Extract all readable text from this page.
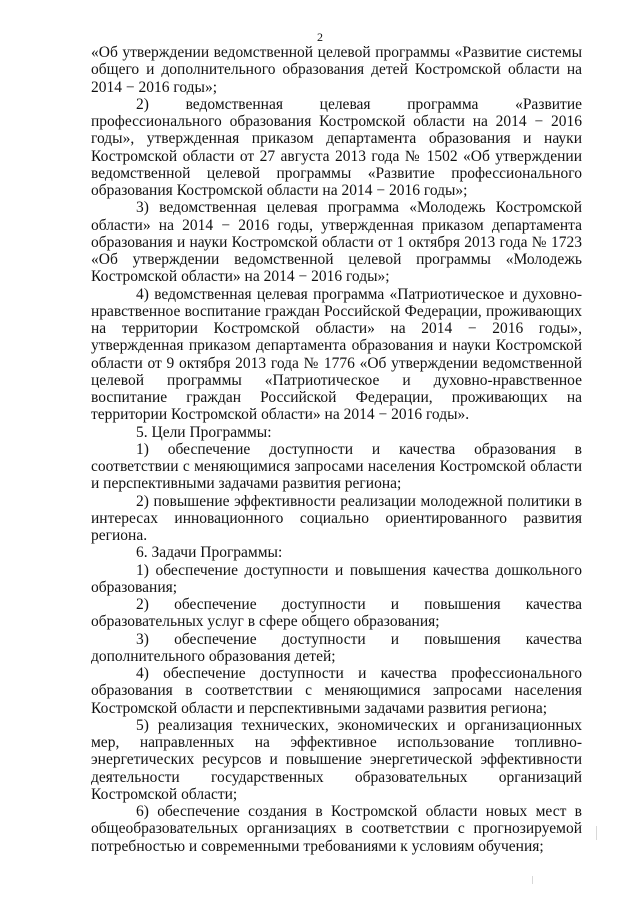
2

«Об утверждении ведомственной целевой программы «Развитие системы общего и дополнительного образования детей Костромской области на 2014 − 2016 годы»;

2) ведомственная целевая программа «Развитие профессионального образования Костромской области на 2014 − 2016 годы», утвержденная приказом департамента образования и науки Костромской области от 27 августа 2013 года № 1502 «Об утверждении ведомственной целевой программы «Развитие профессионального образования Костромской области на 2014 − 2016 годы»;

3) ведомственная целевая программа «Молодежь Костромской области» на 2014 − 2016 годы, утвержденная приказом департамента образования и науки Костромской области от 1 октября 2013 года № 1723 «Об утверждении ведомственной целевой программы «Молодежь Костромской области» на 2014 − 2016 годы»;

4) ведомственная целевая программа «Патриотическое и духовно-нравственное воспитание граждан Российской Федерации, проживающих на территории Костромской области» на 2014 − 2016 годы», утвержденная приказом департамента образования и науки Костромской области от 9 октября 2013 года № 1776 «Об утверждении ведомственной целевой программы «Патриотическое и духовно-нравственное воспитание граждан Российской Федерации, проживающих на территории Костромской области» на 2014 − 2016 годы».

5. Цели Программы:

1) обеспечение доступности и качества образования в соответствии с меняющимися запросами населения Костромской области и перспективными задачами развития региона;

2) повышение эффективности реализации молодежной политики в интересах инновационного социально ориентированного развития региона.

6. Задачи Программы:

1) обеспечение доступности и повышения качества дошкольного образования;

2) обеспечение доступности и повышения качества образовательных услуг в сфере общего образования;

3) обеспечение доступности и повышения качества дополнительного образования детей;

4) обеспечение доступности и качества профессионального образования в соответствии с меняющимися запросами населения Костромской области и перспективными задачами развития региона;

5) реализация технических, экономических и организационных мер, направленных на эффективное использование топливно-энергетических ресурсов и повышение энергетической эффективности деятельности государственных образовательных организаций Костромской области;

6) обеспечение создания в Костромской области новых мест в общеобразовательных организациях в соответствии с прогнозируемой потребностью и современными требованиями к условиям обучения;
